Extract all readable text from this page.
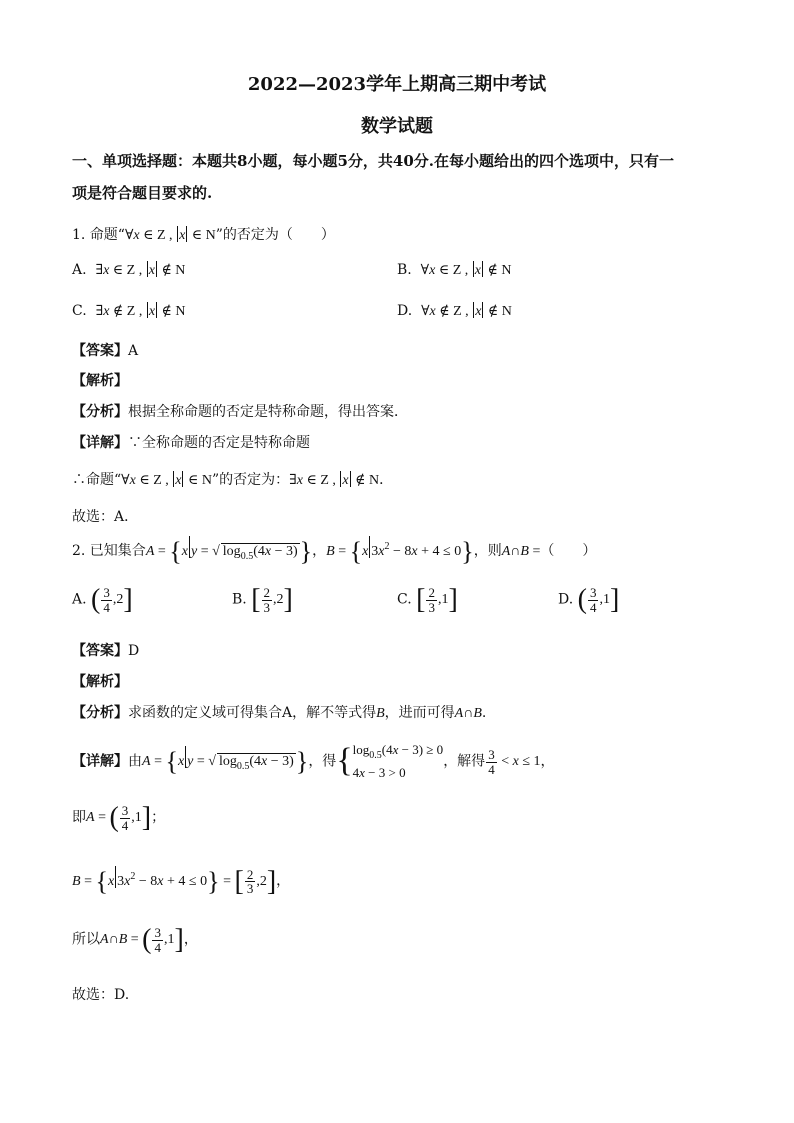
2022—2023学年上期高三期中考试
数学试题
一、单项选择题：本题共8小题，每小题5分，共40分.在每小题给出的四个选项中，只有一
项是符合题目要求的.
1. 命题“∀x ∈ Z , x ∈ N”的否定为（　　）
A. ∃x ∈ Z , x ∉ N	B. ∀x ∈ Z , x ∉ N
C. ∃x ∉ Z , x ∉ N	D. ∀x ∉ Z , x ∉ N
【答案】A
【解析】
【分析】根据全称命题的否定是特称命题，得出答案．
【详解】∵全称命题的否定是特称命题
∴命题“∀x ∈ Z , x ∈ N”的否定为：∃x ∈ Z , x ∉ N．
故选：A．
2. 已知集合A = {x y = √ $\log_{0.5}(4x - 3)$}，B = {x $3x^2 - 8x + 4 \le 0$}，则A∩B =（　　）
A. ( $\frac{3}{4} ,2$]	B. [ $\frac{2}{3} ,2$]	C. [ $\frac{2}{3} ,1$]	D. ( $\frac{3}{4} ,1$]
【答案】D
【解析】
【分析】求函数的定义域可得集合A，解不等式得B，进而可得A∩B.
【详解】由A = {x y = √ $\log_{0.5}(4x - 3)$}，得 { $\log_{0.5}(4x - 3) \ge 0$
4x − 3 > 0
，解得 $\frac{3}{4} < x \le 1$，
即A = ( $\frac{3}{4} ,1$]；
B = {x $3x^2 - 8x + 4 \le 0$} = [ $\frac{2}{3} ,2$]，
所以A∩B = ( $\frac{3}{4} ,1$]，
故选：D.
